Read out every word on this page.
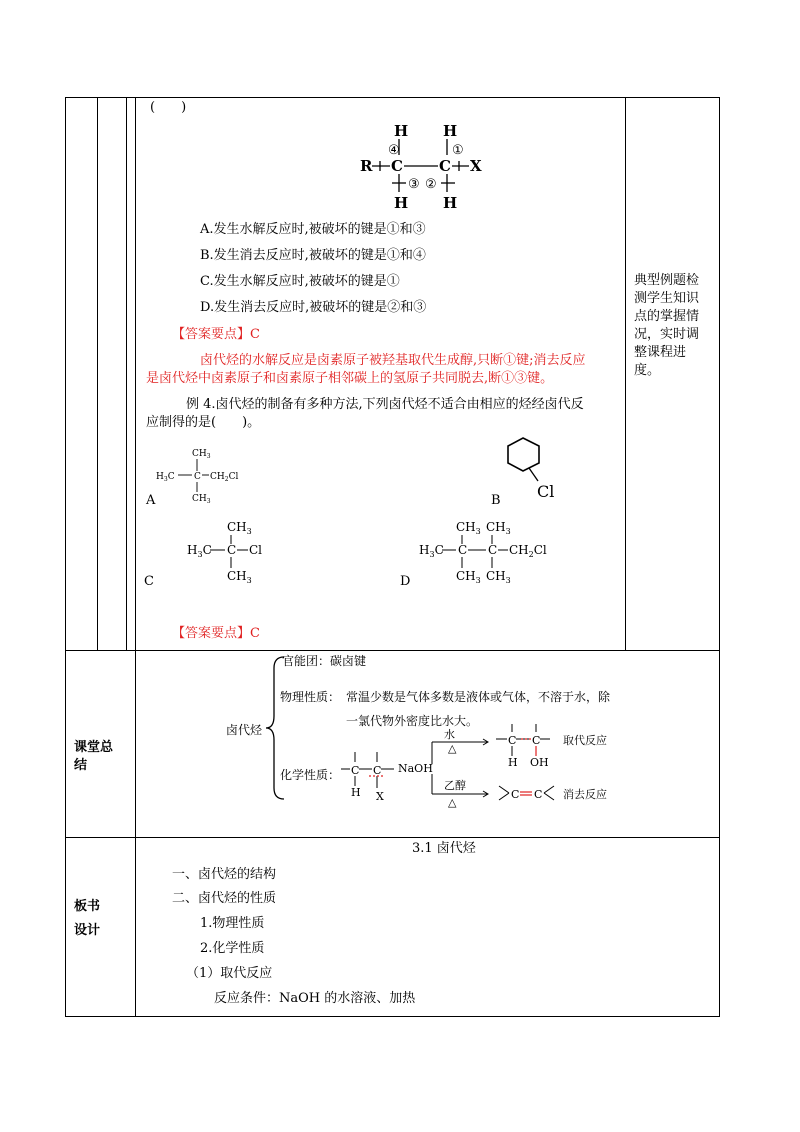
(　　)
H H
R C C X
H H
④	①
③ ②
A.发生水解反应时,被破坏的键是①和③
B.发生消去反应时,被破坏的键是①和④
C.发生水解反应时,被破坏的键是①
D.发生消去反应时,被破坏的键是②和③
【答案要点】C
卤代烃的水解反应是卤素原子被羟基取代生成醇,只断①键;消去反应
是卤代烃中卤素原子和卤素原子相邻碳上的氢原子共同脱去,断①③键。
例 4.卤代烃的制备有多种方法,下列卤代烃不适合由相应的烃经卤代反
应制得的是(　　)。
$CH_3$
$H_3C$ C $CH_2Cl$
$CH_3$
A	Cl
B
$CH_3$
$H_3C$ C Cl
$CH_3$
C
$CH_3$ $CH_3$
$H_3C$ C C $CH_2Cl$
$CH_3$ $CH_3$
D
【答案要点】C
典型例题检
测学生知识
点的掌握情
况，实时调
整课程进
度。
课堂总
结
卤代烃
官能团：碳卤键
物理性质： 常温少数是气体多数是液体或气体，不溶于水，除
一氯代物外密度比水大。
化学性质： C C
H X
NaOH
水
△
乙醇
△
C C
H OH
取代反应
C C 消去反应
板书
设计
3.1 卤代烃
一、卤代烃的结构
二、卤代烃的性质
1.物理性质
2.化学性质
（1）取代反应
反应条件：NaOH 的水溶液、加热
